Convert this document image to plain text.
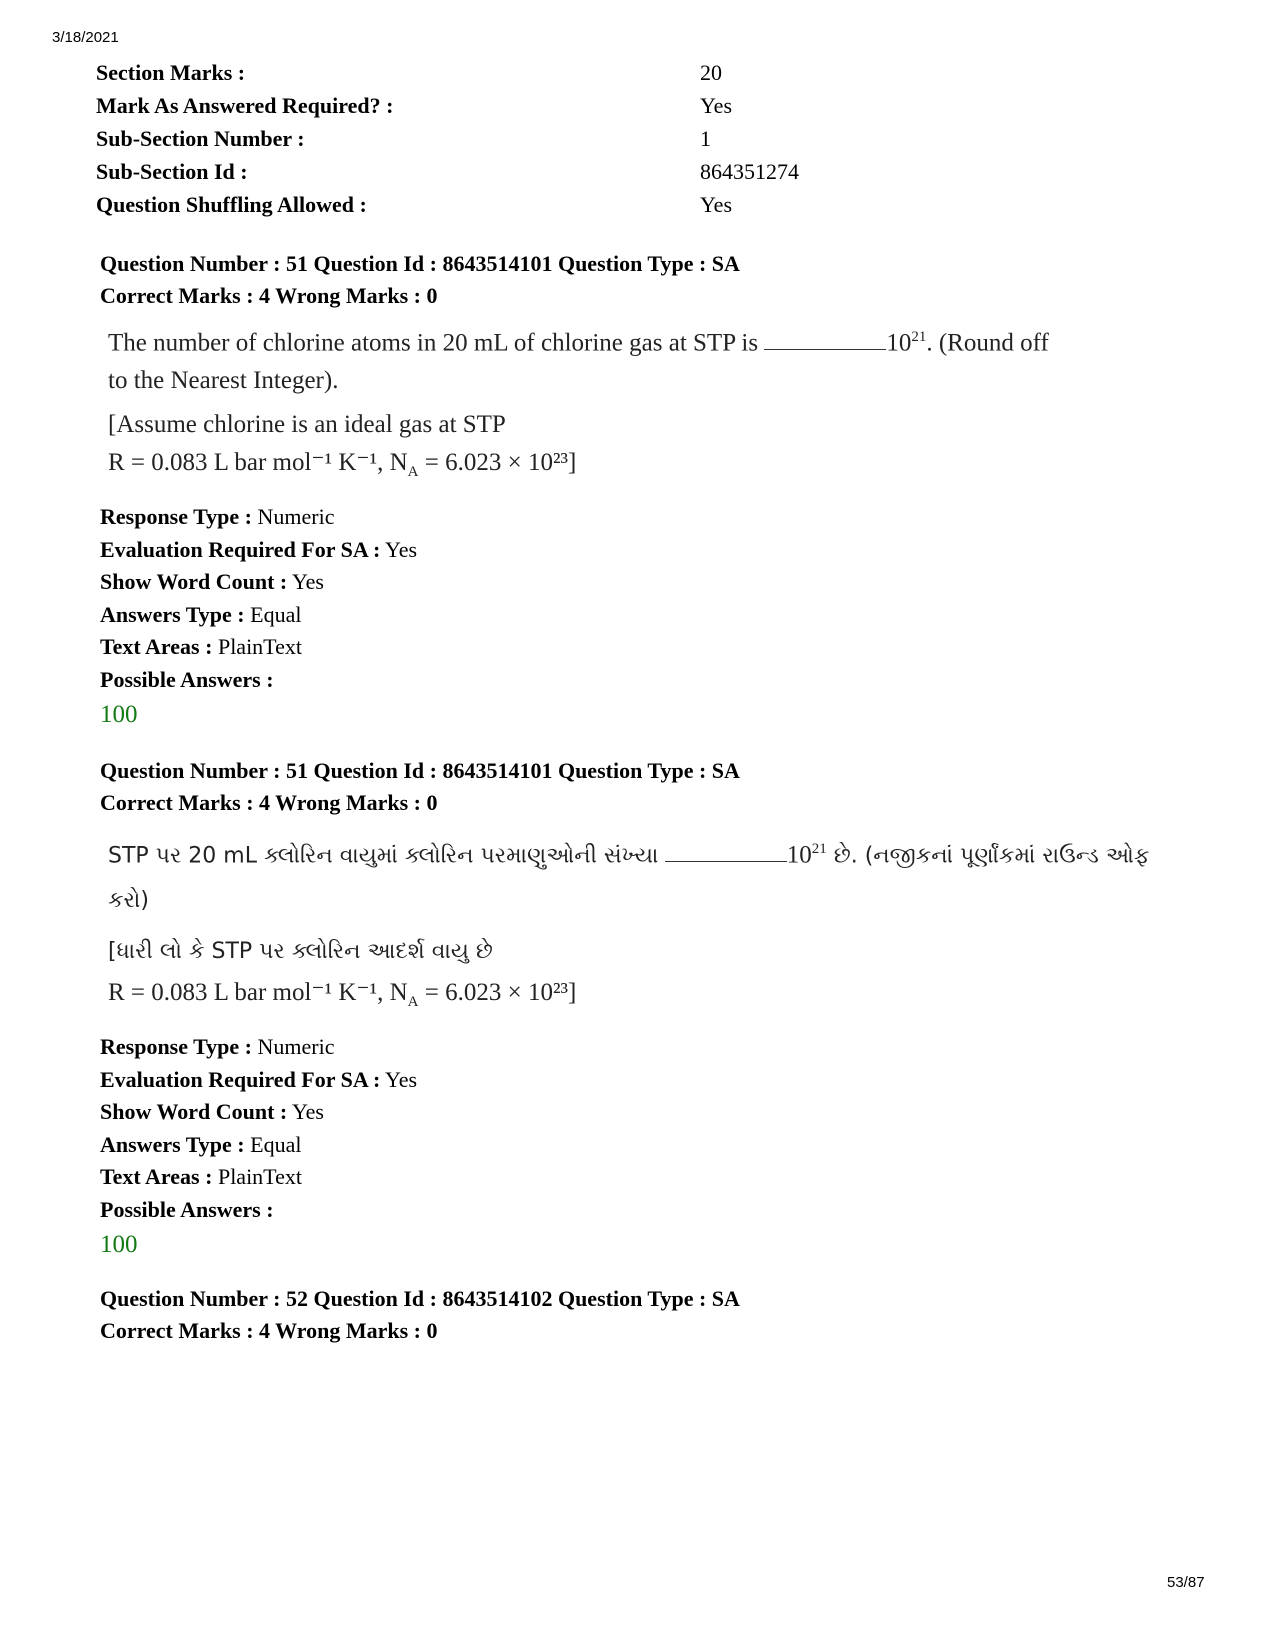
3/18/2021
Section Marks :	20
Mark As Answered Required? :	Yes
Sub-Section Number :	1
Sub-Section Id :	864351274
Question Shuffling Allowed :	Yes
Question Number : 51 Question Id : 8643514101 Question Type : SA
Correct Marks : 4 Wrong Marks : 0

The number of chlorine atoms in 20 mL of chlorine gas at STP is	$10^{21}$. (Round off

to the Nearest Integer).

[Assume chlorine is an ideal gas at STP

R = 0.083 L bar mol⁻¹ K⁻¹, $N_A = 6.023 \times 10^{23}$]

Response Type : Numeric
Evaluation Required For SA : Yes
Show Word Count : Yes
Answers Type : Equal
Text Areas : PlainText
Possible Answers :
100
Question Number : 51 Question Id : 8643514101 Question Type : SA
Correct Marks : 4 Wrong Marks : 0

STP પર 20 mL ક્લોરિન વાયુમાં ક્લોરિન પરમાણુઓની સંખ્યા	$10^{21}$ છે. (નજીકનાં પૂર્ણાંકમાં રાઉન્ડ ઓફ

કરો)

[ધારી લો કે STP પર ક્લોરિન આદર્શ વાયુ છે

R = 0.083 L bar mol⁻¹ K⁻¹, $N_A = 6.023 \times 10^{23}$]

Response Type : Numeric
Evaluation Required For SA : Yes
Show Word Count : Yes
Answers Type : Equal
Text Areas : PlainText
Possible Answers :
100
Question Number : 52 Question Id : 8643514102 Question Type : SA
Correct Marks : 4 Wrong Marks : 0
53/87
